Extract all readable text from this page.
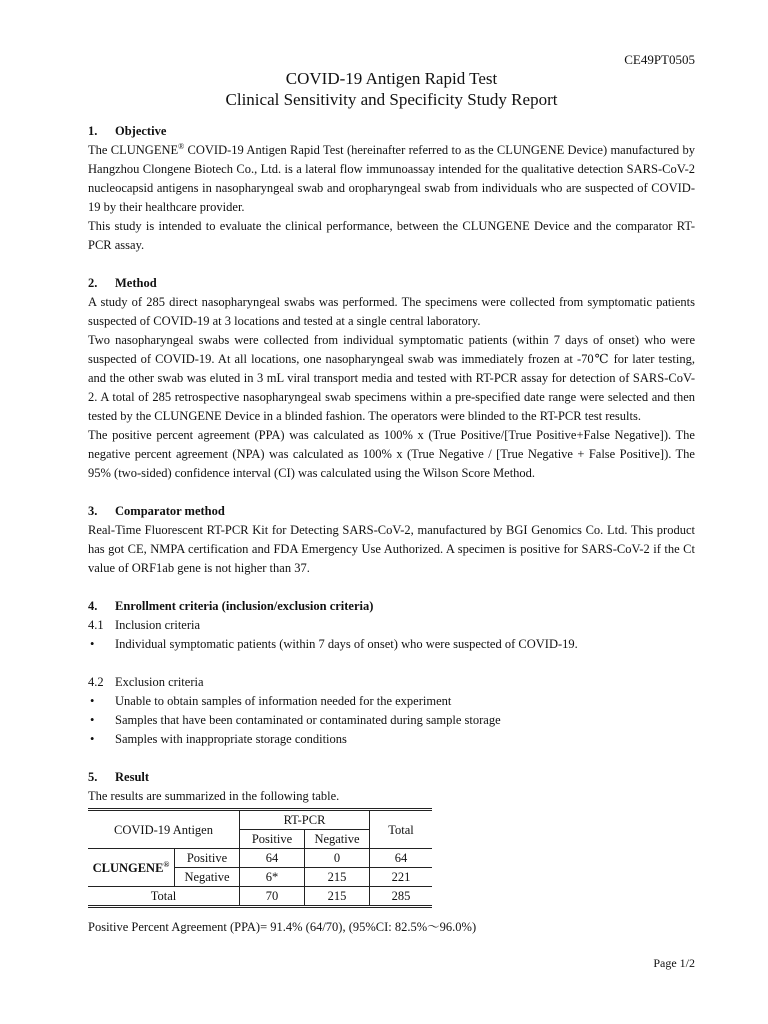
CE49PT0505
COVID-19 Antigen Rapid Test
Clinical Sensitivity and Specificity Study Report
1.	Objective

The CLUNGENE® COVID-19 Antigen Rapid Test (hereinafter referred to as the CLUNGENE Device) manufactured by Hangzhou Clongene Biotech Co., Ltd. is a lateral flow immunoassay intended for the qualitative detection SARS-CoV-2 nucleocapsid antigens in nasopharyngeal swab and oropharyngeal swab from individuals who are suspected of COVID-19 by their healthcare provider.

This study is intended to evaluate the clinical performance, between the CLUNGENE Device and the comparator RT-PCR assay.

2.	Method

A study of 285 direct nasopharyngeal swabs was performed. The specimens were collected from symptomatic patients suspected of COVID-19 at 3 locations and tested at a single central laboratory.

Two nasopharyngeal swabs were collected from individual symptomatic patients (within 7 days of onset) who were suspected of COVID-19. At all locations, one nasopharyngeal swab was immediately frozen at -70℃ for later testing, and the other swab was eluted in 3 mL viral transport media and tested with RT-PCR assay for detection of SARS-CoV-2. A total of 285 retrospective nasopharyngeal swab specimens within a pre-specified date range were selected and then tested by the CLUNGENE Device in a blinded fashion. The operators were blinded to the RT-PCR test results.

The positive percent agreement (PPA) was calculated as 100% x (True Positive/[True Positive+False Negative]). The negative percent agreement (NPA) was calculated as 100% x (True Negative / [True Negative + False Positive]). The 95% (two-sided) confidence interval (CI) was calculated using the Wilson Score Method.

3.	Comparator method

Real-Time Fluorescent RT-PCR Kit for Detecting SARS-CoV-2, manufactured by BGI Genomics Co. Ltd. This product has got CE, NMPA certification and FDA Emergency Use Authorized. A specimen is positive for SARS-CoV-2 if the Ct value of ORF1ab gene is not higher than 37.

4.	Enrollment criteria (inclusion/exclusion criteria)
4.1 Inclusion criteria
•	Individual symptomatic patients (within 7 days of onset) who were suspected of COVID-19.
4.2 Exclusion criteria
•	Unable to obtain samples of information needed for the experiment
•	Samples that have been contaminated or contaminated during sample storage
•	Samples with inappropriate storage conditions
5.	Result

The results are summarized in the following table.

COVID-19 Antigen		RT-PCR		Total
		Positive	Negative	
CLUNGENE®	Positive	64	0	64
	Negative	6*	215	221
Total		70	215	285

Positive Percent Agreement (PPA)= 91.4% (64/70), (95%CI: 82.5%～96.0%)

Page 1/2
